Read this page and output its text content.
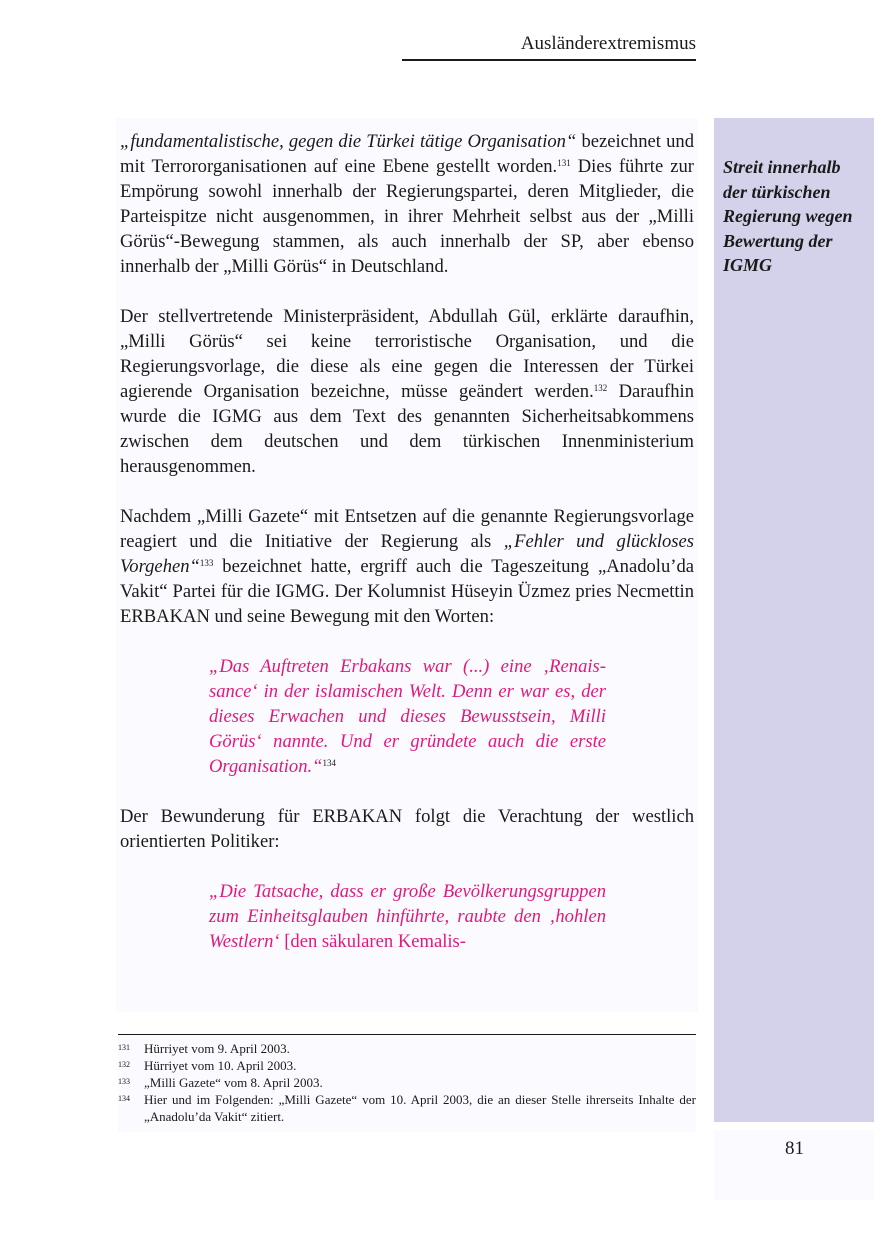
Ausländerextremismus
Streit innerhalb der türkischen Regierung wegen Bewertung der IGMG

„fundamentalistische, gegen die Türkei tätige Organisation“ bezeichnet und mit Terrororganisationen auf eine Ebene gestellt worden.$^{131}$ Dies führte zur Empörung sowohl innerhalb der Regierungspartei, deren Mitglieder, die Parteispitze nicht ausgenommen, in ihrer Mehrheit selbst aus der „Milli Görüs“-Bewegung stammen, als auch innerhalb der SP, aber ebenso innerhalb der „Milli Görüs“ in Deutschland.

Der stellvertretende Ministerpräsident, Abdullah Gül, erklärte daraufhin, „Milli Görüs“ sei keine terroristische Organisation, und die Regierungsvorlage, die diese als eine gegen die Interessen der Türkei agierende Organisation bezeichne, müsse geändert werden.$^{132}$ Daraufhin wurde die IGMG aus dem Text des genannten Sicherheitsabkommens zwischen dem deutschen und dem türkischen Innenministerium herausgenommen.

Nachdem „Milli Gazete“ mit Entsetzen auf die genannte Regierungsvorlage reagiert und die Initiative der Regierung als „Fehler und glückloses Vorgehen“$^{133}$ bezeichnet hatte, ergriff auch die Tageszeitung „Anadolu’da Vakit“ Partei für die IGMG. Der Kolumnist Hüseyin Üzmez pries Necmettin ERBAKAN und seine Bewegung mit den Worten:

„Das Auftreten Erbakans war (...) eine ‚Renaissance‘ in der islamischen Welt. Denn er war es, der dieses Erwachen und dieses Bewusstsein, Milli Görüs‘ nannte. Und er gründete auch die erste Organisation.“$^{134}$

Der Bewunderung für ERBAKAN folgt die Verachtung der westlich orientierten Politiker:

„Die Tatsache, dass er große Bevölkerungsgruppen zum Einheitsglauben hinführte, raubte den ‚hohlen Westlern‘ [den säkularen Kemalis-

131	Hürriyet vom 9. April 2003.
132	Hürriyet vom 10. April 2003.
133	„Milli Gazete“ vom 8. April 2003.
134	Hier und im Folgenden: „Milli Gazete“ vom 10. April 2003, die an dieser Stelle ihrerseits Inhalte der „Anadolu’da Vakit“ zitiert.
81
